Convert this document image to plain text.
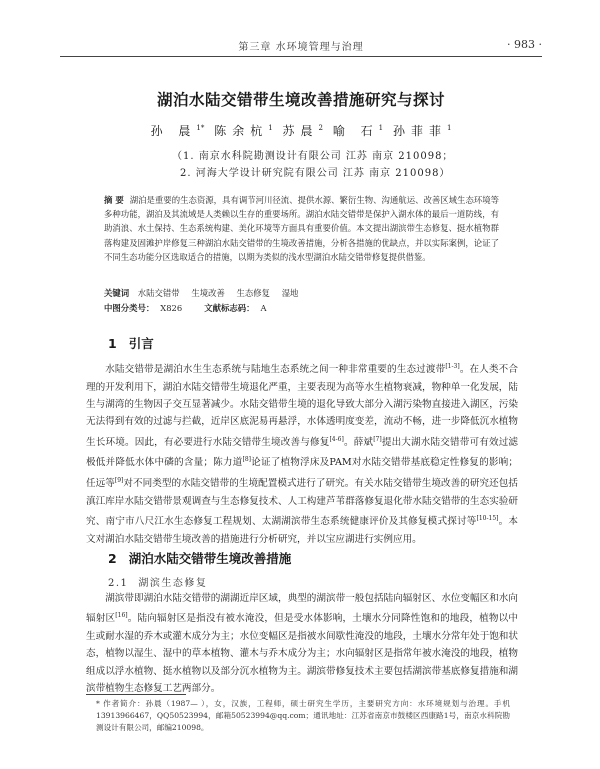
第三章 水环境管理与治理	· 983 ·
湖泊水陆交错带生境改善措施研究与探讨
孙 晨$^{1*}$ 陈余杭$^1$ 苏晨$^2$ 喻 石$^1$ 孙菲菲$^1$
（1. 南京水科院勘测设计有限公司 江苏 南京 210098；
2. 河海大学设计研究院有限公司 江苏 南京 210098）
摘 要 湖泊是重要的生态资源，具有调节河川径流、提供水源、繁衍生物、沟通航运、改善区域生态环境等多种功能，湖泊及其流域是人类赖以生存的重要场所。湖泊水陆交错带是保护入湖水体的最后一道防线，有助消浪、水土保持、生态系统构建、美化环境等方面具有重要价值。本文提出湖滨带生态修复、挺水植物群落构建及固滩护岸修复三种湖泊水陆交错带的生境改善措施，分析各措施的优缺点，并以实际案例，论证了不同生态功能分区选取适合的措施，以期为类似的浅水型湖泊水陆交错带修复提供借鉴。
关键词 水陆交错带 生境改善 生态修复 湿地
中图分类号： X826	文献标志码： A
1 引言

水陆交错带是湖泊水生生态系统与陆地生态系统之间一种非常重要的生态过渡带[1-3]。在人类不合理的开发利用下，湖泊水陆交错带生境退化严重，主要表现为高等水生植物衰减，物种单一化发展，陆生与湖湾的生物因子交互显著减少。水陆交错带生境的退化导致大部分入湖污染物直接进入湖区，污染无法得到有效的过滤与拦截，近岸区底泥易再悬浮，水体透明度变差，流动不畅，进一步降低沉水植物生长环境。因此，有必要进行水陆交错带生境改善与修复[4-6]。薛斌[7]提出大湖水陆交错带可有效过滤极低并降低水体中磷的含量；陈力道[8]论证了植物浮床及PAM对水陆交错带基底稳定性修复的影响；任远等[9]对不同类型的水陆交错带的生境配置模式进行了研究。有关水陆交错带生境改善的研究还包括滇江库岸水陆交错带景观调查与生态修复技术、人工构建芦苇群落修复退化带水陆交错带的生态实验研究、南宁市八尺江水生态修复工程规划、太湖湖滨带生态系统健康评价及其修复模式探讨等[10-15]。本文对湖泊水陆交错带生境改善的措施进行分析研究，并以宝应湖进行实例应用。

2 湖泊水陆交错带生境改善措施
2.1 湖滨生态修复

湖滨带即湖泊水陆交错带的湖湖近岸区域，典型的湖滨带一般包括陆向辐射区、水位变幅区和水向辐射区[16]。陆向辐射区是指没有被水淹没，但是受水体影响，土壤水分同降性饱和的地段，植物以中生或耐水湿的乔木或灌木成分为主；水位变幅区是指被水间歇性淹没的地段，土壤水分常年处于饱和状态，植物以湿生、湿中的草本植物、灌木与乔木成分为主；水向辐射区是指常年被水淹没的地段，植物组成以浮水植物、挺水植物以及部分沉水植物为主。湖滨带修复技术主要包括湖滨带基底修复措施和湖滨带植物生态修复工艺两部分。

* 作者简介：孙晨（1987— ），女，汉族，工程师，硕士研究生学历，主要研究方向：水环境规划与治理。手机13913966467，QQ50523994，邮箱50523994@qq.com；通讯地址：江苏省南京市鼓楼区西康路1号，南京水科院勘测设计有限公司，邮编210098。
